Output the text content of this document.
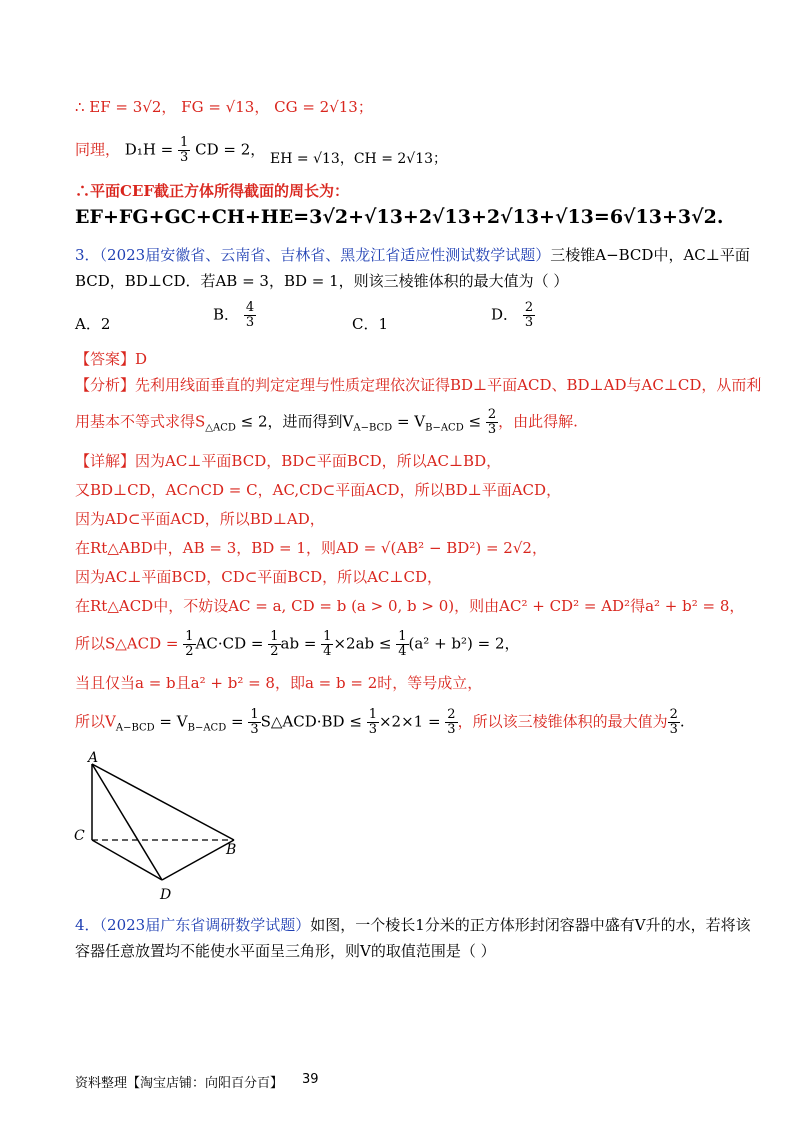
∴ EF = 3√2， FG = √13， CG = 2√13；
同理， $D_1H = \frac{1}{3}$ CD = 2， EH = √13，CH = 2√13；
∴平面CEF截正方体所得截面的周长为：
EF+FG+GC+CH+HE=3√2+√13+2√13+2√13+√13=6√13+3√2.
3．（2023届安徽省、云南省、吉林省、黑龙江省适应性测试数学试题）三棱锥A−BCD中，AC⊥平面
BCD，BD⊥CD．若AB = 3，BD = 1，则该三棱锥体积的最大值为（ ）
A．2
B． $\frac{4}{3}$	C．1
D． $\frac{2}{3}$
【答案】D
【分析】先利用线面垂直的判定定理与性质定理依次证得BD⊥平面ACD、BD⊥AD与AC⊥CD，从而利
用基本不等式求得$S_{\triangle ACD} \le 2$，进而得到$V_{A-BCD} = V_{B-ACD} \le \frac{2}{3}$ ，由此得解.
【详解】因为AC⊥平面BCD，BD⊂平面BCD，所以AC⊥BD，
又BD⊥CD，AC∩CD = C，AC,CD⊂平面ACD，所以BD⊥平面ACD，
因为AD⊂平面ACD，所以BD⊥AD，
在Rt△ABD中，AB = 3，BD = 1，则AD = √(AB² − BD²) = 2√2，
因为AC⊥平面BCD，CD⊂平面BCD，所以AC⊥CD，
在Rt△ACD中，不妨设AC = a, CD = b (a > 0, b > 0)，则由AC² + CD² = AD²得a² + b² = 8，
所以S△ACD = $\frac{1}{2} AC\cdot CD = \frac{1}{2}$ ab = $\frac{1}{4} \times 2ab \le \frac{1}{4} (a^2 + b^2) = 2$，
当且仅当a = b且a² + b² = 8，即a = b = 2时，等号成立，
所以$V_{A-BCD} = V_{B-ACD} = \frac{1}{3}$ S△ACD·BD ≤ $\frac{1}{3} \times 2\times 1 = \frac{2}{3}$ ，所以该三棱锥体积的最大值为 $\frac{2}{3}$ .
A
C
B
D
4．（2023届广东省调研数学试题）如图，一个棱长1分米的正方体形封闭容器中盛有V升的水，若将该
容器任意放置均不能使水平面呈三角形，则V的取值范围是（ ）
资料整理【淘宝店铺：向阳百分百】 39
